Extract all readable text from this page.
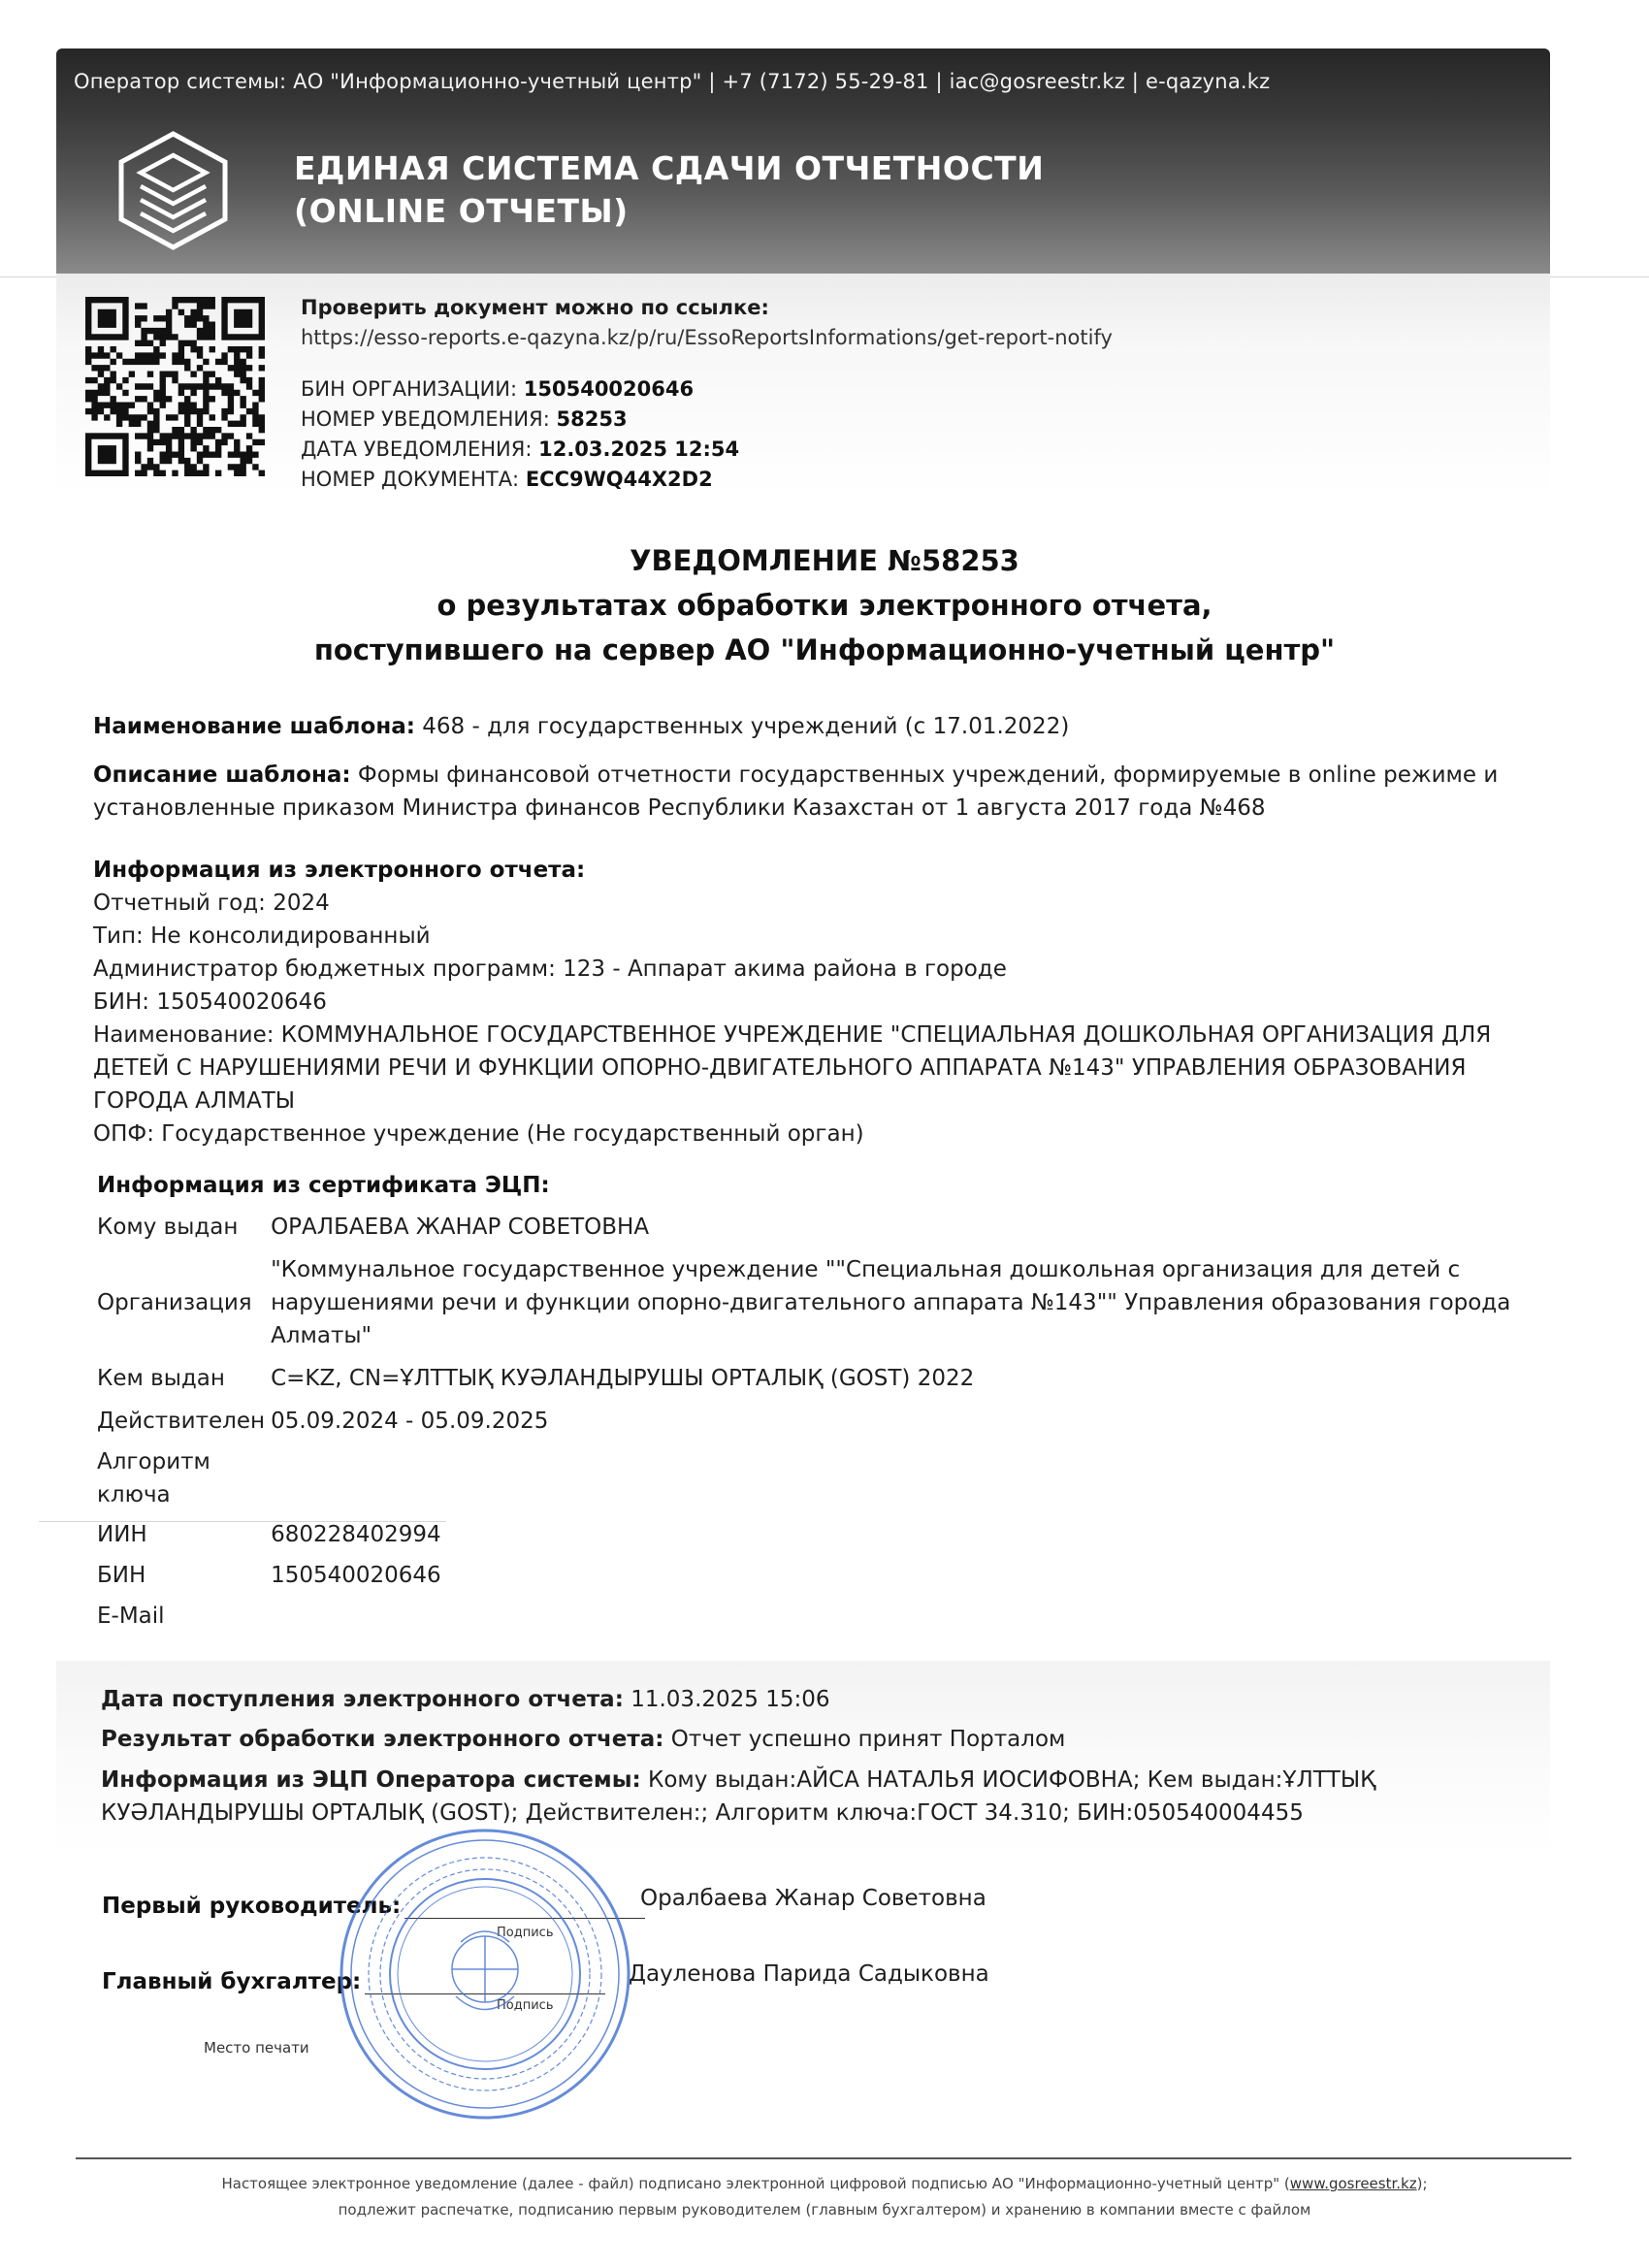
Оператор системы: АО "Информационно-учетный центр" | +7 (7172) 55-29-81 | iac@gosreestr.kz | e-qazyna.kz
ЕДИНАЯ СИСТЕМА СДАЧИ ОТЧЕТНОСТИ
(ONLINE ОТЧЕТЫ)
Проверить документ можно по ссылке:
https://esso-reports.e-qazyna.kz/p/ru/EssoReportsInformations/get-report-notify
БИН ОРГАНИЗАЦИИ: 150540020646
НОМЕР УВЕДОМЛЕНИЯ: 58253
ДАТА УВЕДОМЛЕНИЯ: 12.03.2025 12:54
НОМЕР ДОКУМЕНТА: ECC9WQ44X2D2
УВЕДОМЛЕНИЕ №58253
о результатах обработки электронного отчета,
поступившего на сервер АО "Информационно-учетный центр"
Наименование шаблона: 468 - для государственных учреждений (с 17.01.2022)
Описание шаблона: Формы финансовой отчетности государственных учреждений, формируемые в online режиме и
установленные приказом Министра финансов Республики Казахстан от 1 августа 2017 года №468
Информация из электронного отчета:
Отчетный год: 2024
Тип: Не консолидированный
Администратор бюджетных программ: 123 - Аппарат акима района в городе
БИН: 150540020646
Наименование: КОММУНАЛЬНОЕ ГОСУДАРСТВЕННОЕ УЧРЕЖДЕНИЕ "СПЕЦИАЛЬНАЯ ДОШКОЛЬНАЯ ОРГАНИЗАЦИЯ ДЛЯ
ДЕТЕЙ С НАРУШЕНИЯМИ РЕЧИ И ФУНКЦИИ ОПОРНО-ДВИГАТЕЛЬНОГО АППАРАТА №143" УПРАВЛЕНИЯ ОБРАЗОВАНИЯ
ГОРОДА АЛМАТЫ
ОПФ: Государственное учреждение (Не государственный орган)
Информация из сертификата ЭЦП:
Кому выдан	ОРАЛБАЕВА ЖАНАР СОВЕТОВНА
Организация	"Коммунальное государственное учреждение ""Специальная дошкольная организация для детей с
нарушениями речи и функции опорно-двигательного аппарата №143"" Управления образования города
Алматы"

Кем выдан	C=KZ, CN=ҰЛТТЫҚ КУӘЛАНДЫРУШЫ ОРТАЛЫҚ (GOST) 2022
Действителен	05.09.2024 - 05.09.2025

Алгоритм
ключа	

ИИН	680228402994
БИН	150540020646
E-Mail	
Дата поступления электронного отчета: 11.03.2025 15:06
Результат обработки электронного отчета: Отчет успешно принят Порталом
Информация из ЭЦП Оператора системы: Кому выдан:АЙСА НАТАЛЬЯ ИОСИФОВНА; Кем выдан:ҰЛТТЫҚ
КУӘЛАНДЫРУШЫ ОРТАЛЫҚ (GOST); Действителен:; Алгоритм ключа:ГОСТ 34.310; БИН:050540004455
Первый руководитель:	Оралбаева Жанар Советовна
Подпись
Главный бухгалтер:	Дауленова Парида Садыковна
Подпись
Место печати
Настоящее электронное уведомление (далее - файл) подписано электронной цифровой подписью АО "Информационно-учетный центр" (www.gosreestr.kz);
подлежит распечатке, подписанию первым руководителем (главным бухгалтером) и хранению в компании вместе с файлом
